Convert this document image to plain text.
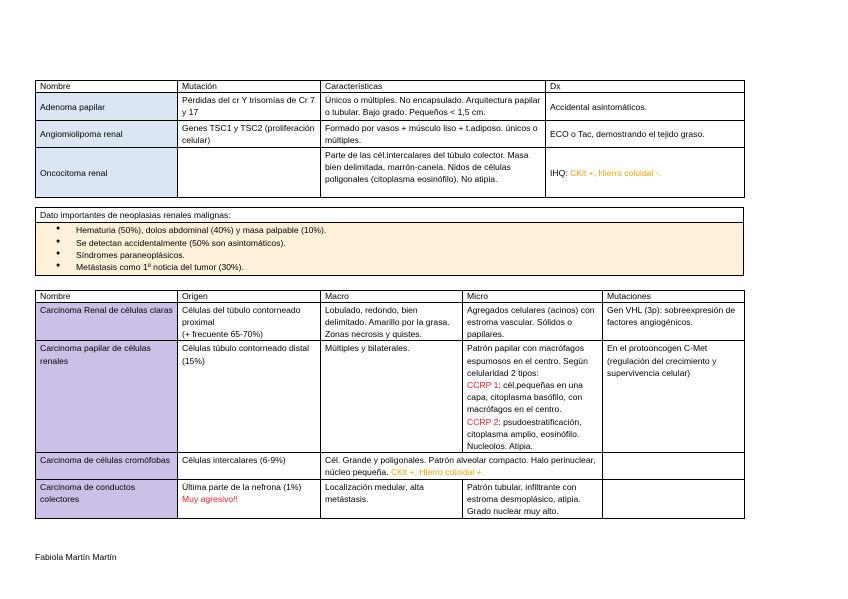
Nombre	Mutación	Características	Dx
Adenoma papilar	Pérdidas del cr Y trisomías de Cr 7 y 17	Únicos o múltiples. No encapsulado. Arquitectura papilar o tubular. Bajo grado. Pequeños < 1,5 cm.	Accidental asintomáticos.
Angiomiolipoma renal	Genes TSC1 y TSC2 (proliferación celular)	Formado por vasos + músculo liso + t.adiposo. únicos o múltiples.	ECO o Tac, demostrando el tejido graso.
Oncocitoma renal		Parte de las cél.intercalares del túbulo colector. Masa bien delimitada, marrón-canela. Nidos de células poligonales (citoplasma eosinófilo). No atipia.	IHQ: CKit +, Hierro coloidal -.
Dato importantes de neoplasias renales malignas:

● Hematuria (50%), dolos abdominal (40%) y masa palpable (10%).
● Se detectan accidentalmente (50% son asintomáticos).
● Síndromes paraneoplásicos.
● Metástasis como 1º noticia del tumor (30%).
Nombre	Origen	Macro	Micro	Mutaciones
Carcinoma Renal de células claras	Células del túbulo contorneado proximal
(+ frecuente 65-70%)	Lobulado, redondo, bien delimitado. Amarillo por la grasa. Zonas necrosis y quistes.	Agregados celulares (acinos) con estroma vascular. Sólidos o papilares.	Gen VHL (3p): sobreexpresión de factores angiogénicos.
Carcinoma papilar de células renales	Células túbulo contorneado distal (15%)	Múltiples y bilaterales.	Patrón papilar con macrófagos espumosos en el centro. Según celularidad 2 tipos:
CCRP 1: cél.pequeñas en una capa, citoplasma basófilo, con macrófagos en el centro.
CCRP 2: psudoestratificación, citoplasma amplio, eosinófilo. Nucleolos. Atipia.	En el protooncogen C-Met (regulación del crecimiento y supervivencia celular)
Carcinoma de células cromófobas	Células intercalares (6-9%)	Cél. Grande y poligonales. Patrón alveolar compacto. Halo perinuclear, núcleo pequeña. CKit +, Hierro coloidal +.		
Carcinoma de conductos colectores	Última parte de la nefrona (1%)
Muy agresivo!!	Localización medular, alta metástasis.	Patrón tubular, infiltrante con estroma desmoplásico, atipia. Grado nuclear muy alto.	
Fabiola Martín Martín
